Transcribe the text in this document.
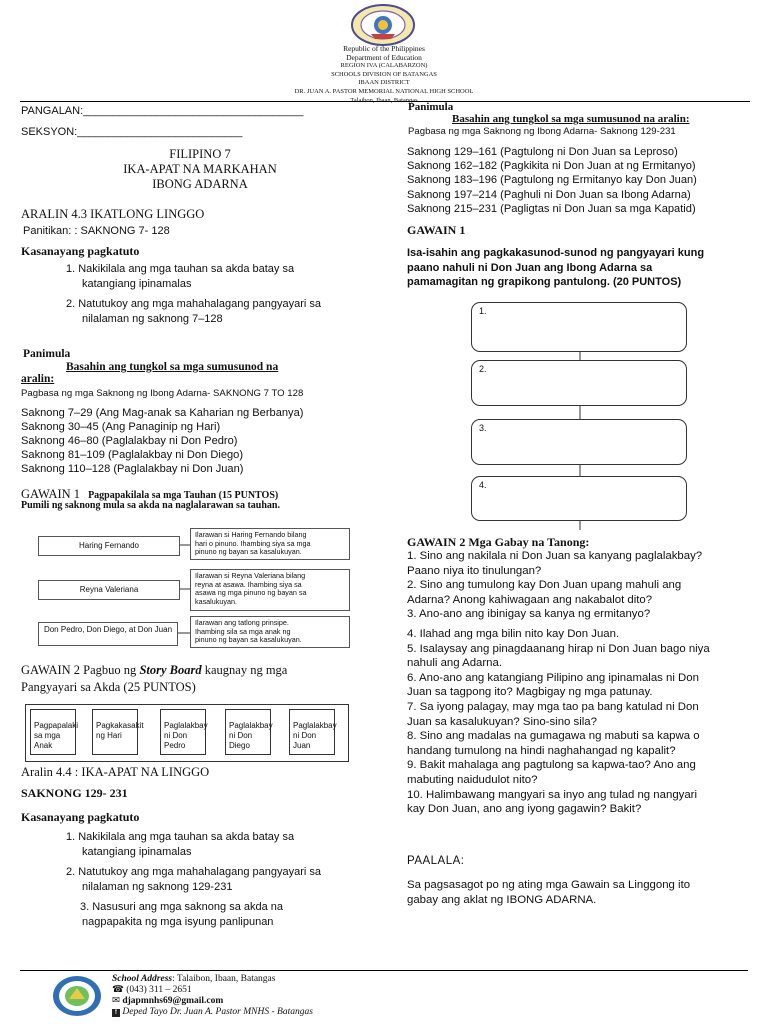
Republic of the Philippines
Department of Education
REGION IVA (CALABARZON)
SCHOOLS DIVISION OF BATANGAS
IBAAN DISTRICT
DR. JUAN A. PASTOR MEMORIAL NATIONAL HIGH SCHOOL
Talaibon, Ibaan, Batangas
PANGALAN:____________________________________
SEKSYON:___________________________
FILIPINO 7
IKA-APAT NA MARKAHAN
IBONG ADARNA
ARALIN 4.3 IKATLONG LINGGO
Panitikan: : SAKNONG 7- 128
Kasanayang pagkatuto
1. Nakikilala ang mga tauhan sa akda batay sa
katangiang ipinamalas
2. Natutukoy ang mga mahahalagang pangyayari sa
nilalaman ng saknong 7–128
Panimula
Basahin ang tungkol sa mga sumusunod na
aralin:
Pagbasa ng mga Saknong ng Ibong Adarna- SAKNONG 7 TO 128
Saknong 7–29 (Ang Mag-anak sa Kaharian ng Berbanya)
Saknong 30–45 (Ang Panaginip ng Hari)
Saknong 46–80 (Paglalakbay ni Don Pedro)
Saknong 81–109 (Paglalakbay ni Don Diego)
Saknong 110–128 (Paglalakbay ni Don Juan)
GAWAIN 1 Pagpapakilala sa mga Tauhan (15 PUNTOS)
Pumili ng saknong mula sa akda na naglalarawan sa tauhan.
Haring Fernando
Ilarawan si Haring Fernando bilang
hari o pinuno. Ihambing siya sa mga
pinuno ng bayan sa kasalukuyan.
Reyna Valeriana
Ilarawan si Reyna Valeriana bilang
reyna at asawa. Ihambing siya sa
asawa ng mga pinuno ng bayan sa
kasalukuyan.
Don Pedro, Don Diego, at Don Juan
Ilarawan ang tatlong prinsipe.
Ihambing sila sa mga anak ng
pinuno ng bayan sa kasalukuyan.
GAWAIN 2 Pagbuo ng Story Board kaugnay ng mga
Pangyayari sa Akda (25 PUNTOS)
Pagpapalaki sa mga Anak
Pagkakasakit ng Hari
Paglalakbay ni Don Pedro
Paglalakbay ni Don Diego
Paglalakbay ni Don Juan
Aralin 4.4 : IKA-APAT NA LINGGO
SAKNONG 129- 231
Kasanayang pagkatuto
1. Nakikilala ang mga tauhan sa akda batay sa
katangiang ipinamalas
2. Natutukoy ang mga mahahalagang pangyayari sa
nilalaman ng saknong 129-231
3. Nasusuri ang mga saknong sa akda na
nagpapakita ng mga isyung panlipunan
Panimula
Basahin ang tungkol sa mga sumusunod na aralin:
Pagbasa ng mga Saknong ng Ibong Adarna- Saknong 129-231
Saknong 129–161 (Pagtulong ni Don Juan sa Leproso)
Saknong 162–182 (Pagkikita ni Don Juan at ng Ermitanyo)
Saknong 183–196 (Pagtulong ng Ermitanyo kay Don Juan)
Saknong 197–214 (Paghuli ni Don Juan sa Ibong Adarna)
Saknong 215–231 (Pagligtas ni Don Juan sa mga Kapatid)
GAWAIN 1
Isa-isahin ang pagkakasunod-sunod ng pangyayari kung
paano nahuli ni Don Juan ang Ibong Adarna sa
pamamagitan ng grapikong pantulong. (20 PUNTOS)
1.
2.
3.
4.
GAWAIN 2 Mga Gabay na Tanong:
1. Sino ang nakilala ni Don Juan sa kanyang paglalakbay?
Paano niya ito tinulungan?
2. Sino ang tumulong kay Don Juan upang mahuli ang
Adarna? Anong kahiwagaan ang nakabalot dito?
3. Ano-ano ang ibinigay sa kanya ng ermitanyo?
4. Ilahad ang mga bilin nito kay Don Juan.
5. Isalaysay ang pinagdaanang hirap ni Don Juan bago niya
nahuli ang Adarna.
6. Ano-ano ang katangiang Pilipino ang ipinamalas ni Don
Juan sa tagpong ito? Magbigay ng mga patunay.
7. Sa iyong palagay, may mga tao pa bang katulad ni Don
Juan sa kasalukuyan? Sino-sino sila?
8. Sino ang madalas na gumagawa ng mabuti sa kapwa o
handang tumulong na hindi naghahangad ng kapalit?
9. Bakit mahalaga ang pagtulong sa kapwa-tao? Ano ang
mabuting naidudulot nito?
10. Halimbawang mangyari sa inyo ang tulad ng nangyari
kay Don Juan, ano ang iyong gagawin? Bakit?
PAALALA:
Sa pagsasagot po ng ating mga Gawain sa Linggong ito
gabay ang aklat ng IBONG ADARNA.
School Address: Talaibon, Ibaan, Batangas
☎ (043) 311 – 2651
✉ djapmnhs69@gmail.com
f Deped Tayo Dr. Juan A. Pastor MNHS - Batangas
